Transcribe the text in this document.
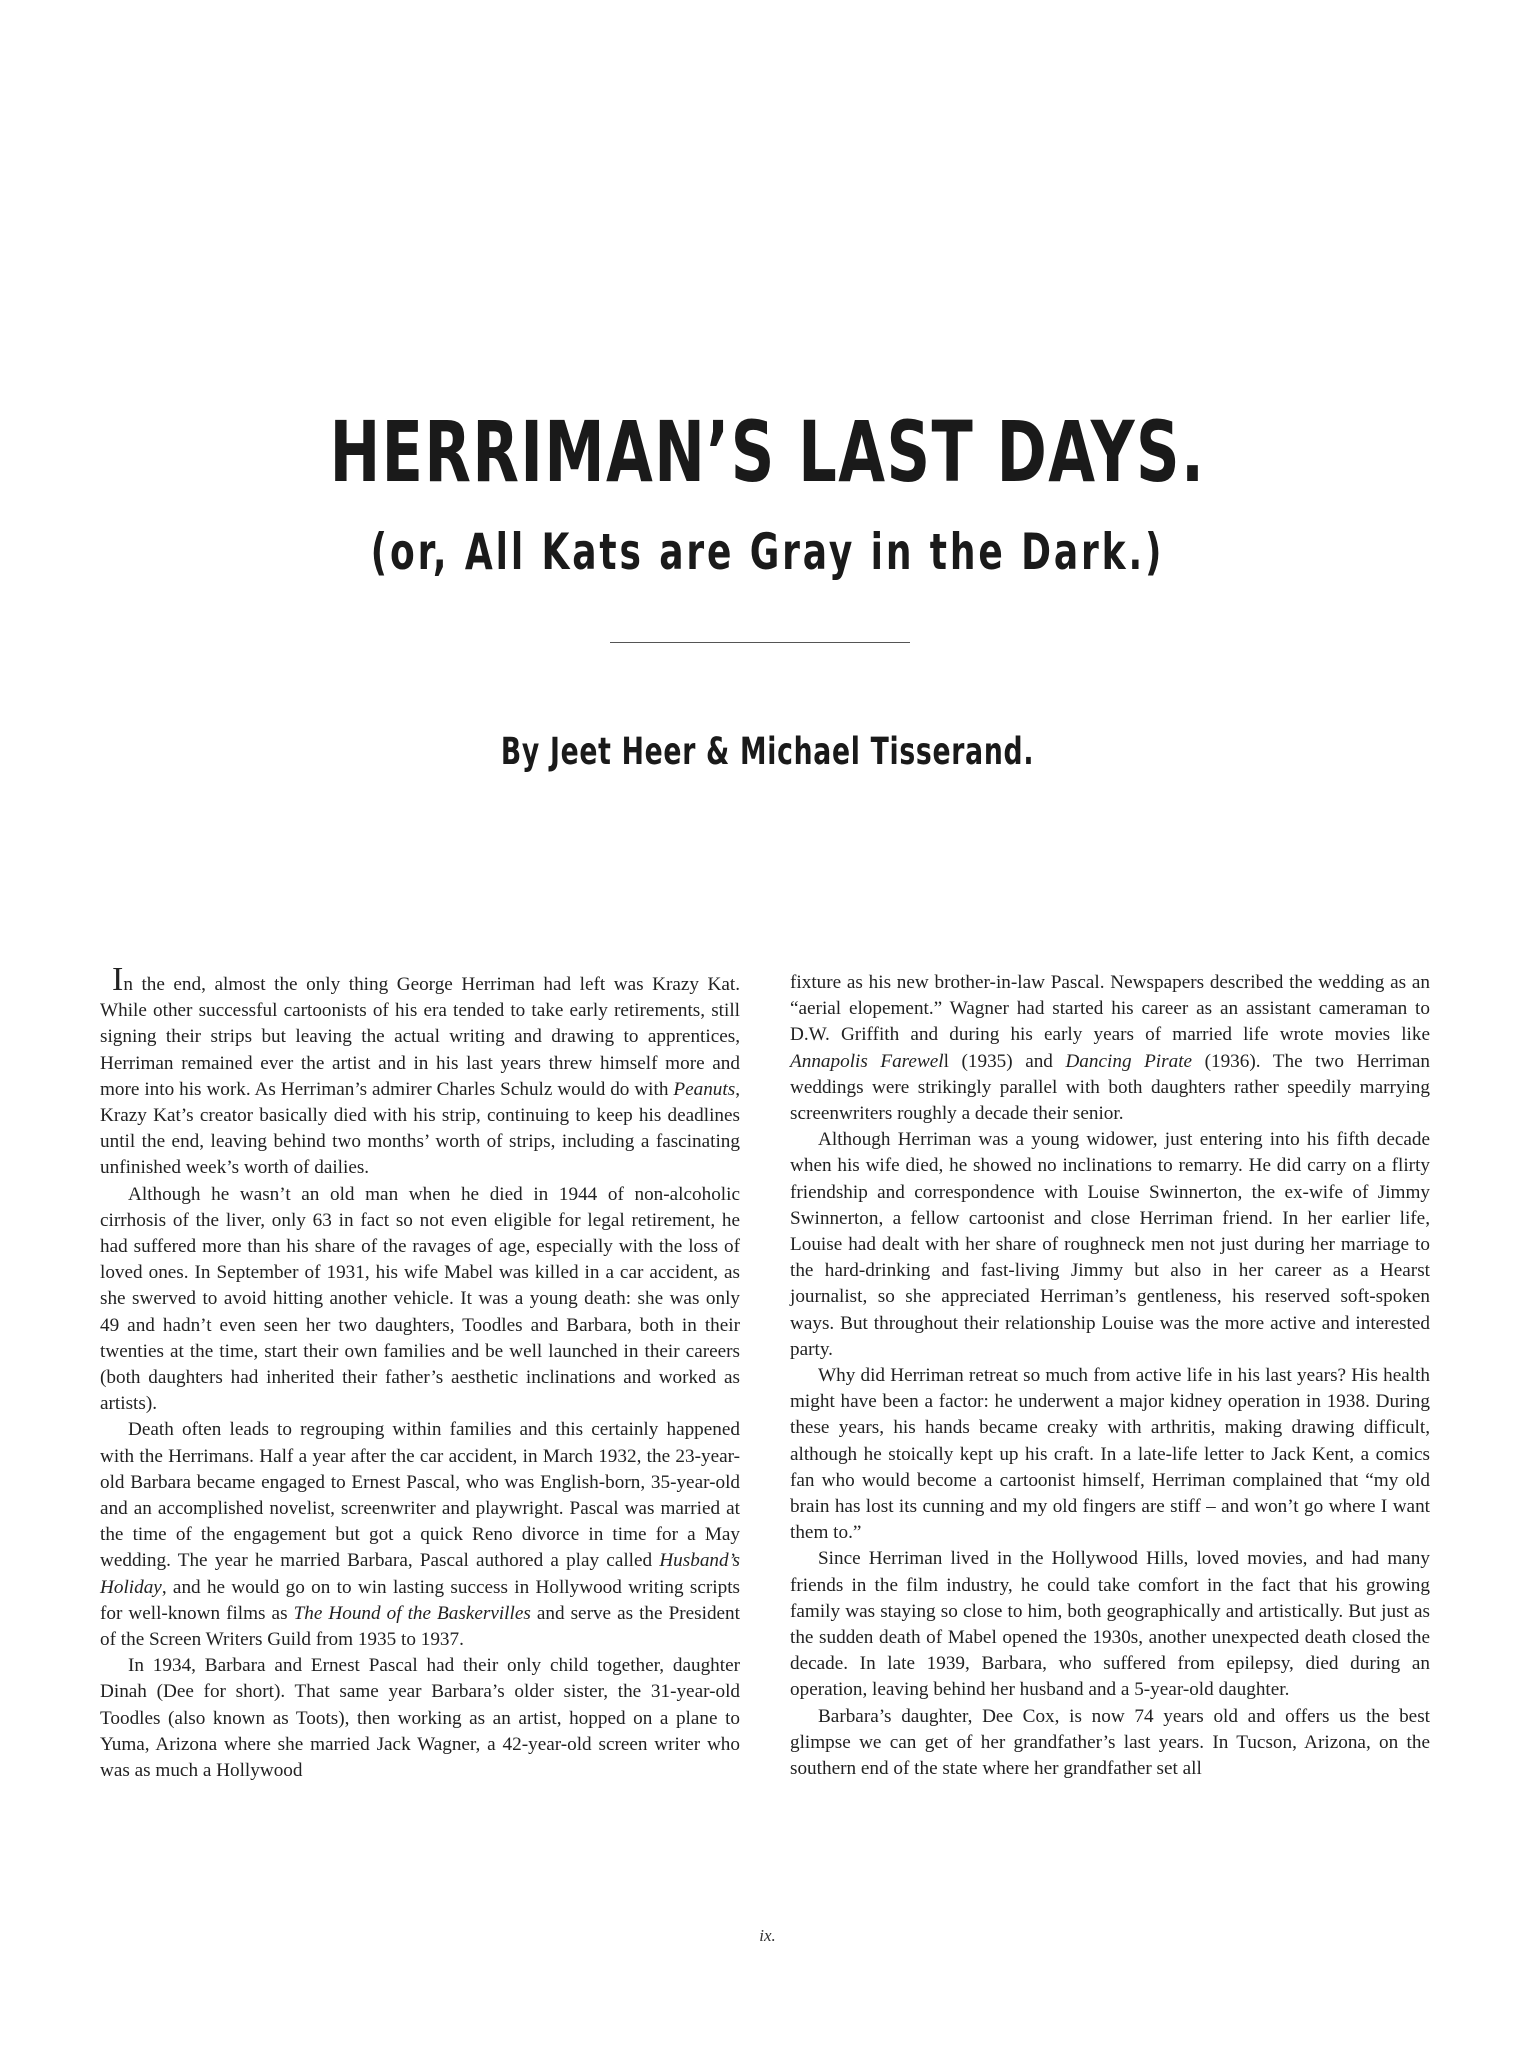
HERRIMAN’S LAST DAYS.
(or, All Kats are Gray in the Dark.)
By Jeet Heer & Michael Tisserand.

In the end, almost the only thing George Herriman had left was Krazy Kat. While other successful cartoonists of his era tended to take early retirements, still signing their strips but leaving the actual writing and drawing to apprentices, Herriman remained ever the artist and in his last years threw himself more and more into his work. As Herriman’s admirer Charles Schulz would do with Peanuts, Krazy Kat’s creator basically died with his strip, continuing to keep his deadlines until the end, leaving behind two months’ worth of strips, including a fascinating unfinished week’s worth of dailies.

Although he wasn’t an old man when he died in 1944 of non-alcoholic cirrhosis of the liver, only 63 in fact so not even eligible for legal retirement, he had suffered more than his share of the ravages of age, especially with the loss of loved ones. In September of 1931, his wife Mabel was killed in a car accident, as she swerved to avoid hitting another vehicle. It was a young death: she was only 49 and hadn’t even seen her two daughters, Toodles and Barbara, both in their twenties at the time, start their own families and be well launched in their careers (both daughters had inherited their father’s aesthetic inclinations and worked as artists).

Death often leads to regrouping within families and this certainly happened with the Herrimans. Half a year after the car accident, in March 1932, the 23-year-old Barbara became engaged to Ernest Pascal, who was English-born, 35-year-old and an accomplished novelist, screenwriter and playwright. Pascal was married at the time of the engagement but got a quick Reno divorce in time for a May wedding. The year he married Barbara, Pascal authored a play called Husband’s Holiday, and he would go on to win lasting success in Hollywood writing scripts for well-known films as The Hound of the Baskervilles and serve as the President of the Screen Writers Guild from 1935 to 1937.

In 1934, Barbara and Ernest Pascal had their only child together, daughter Dinah (Dee for short). That same year Barbara’s older sister, the 31-year-old Toodles (also known as Toots), then working as an artist, hopped on a plane to Yuma, Arizona where she married Jack Wagner, a 42-year-old screen writer who was as much a Hollywood

fixture as his new brother-in-law Pascal. Newspapers described the wedding as an “aerial elopement.” Wagner had started his career as an assistant cameraman to D.W. Griffith and during his early years of married life wrote movies like Annapolis Farewell (1935) and Dancing Pirate (1936). The two Herriman weddings were strikingly parallel with both daughters rather speedily marrying screenwriters roughly a decade their senior.

Although Herriman was a young widower, just entering into his fifth decade when his wife died, he showed no inclinations to remarry. He did carry on a flirty friendship and correspondence with Louise Swinnerton, the ex-wife of Jimmy Swinnerton, a fellow cartoonist and close Herriman friend. In her earlier life, Louise had dealt with her share of roughneck men not just during her marriage to the hard-drinking and fast-living Jimmy but also in her career as a Hearst journalist, so she appreciated Herriman’s gentleness, his reserved soft-spoken ways. But throughout their relationship Louise was the more active and interested party.

Why did Herriman retreat so much from active life in his last years? His health might have been a factor: he underwent a major kidney operation in 1938. During these years, his hands became creaky with arthritis, making drawing difficult, although he stoically kept up his craft. In a late-life letter to Jack Kent, a comics fan who would become a cartoonist himself, Herriman complained that “my old brain has lost its cunning and my old fingers are stiff – and won’t go where I want them to.”

Since Herriman lived in the Hollywood Hills, loved movies, and had many friends in the film industry, he could take comfort in the fact that his growing family was staying so close to him, both geographically and artistically. But just as the sudden death of Mabel opened the 1930s, another unexpected death closed the decade. In late 1939, Barbara, who suffered from epilepsy, died during an operation, leaving behind her husband and a 5-year-old daughter.

Barbara’s daughter, Dee Cox, is now 74 years old and offers us the best glimpse we can get of her grandfather’s last years. In Tucson, Arizona, on the southern end of the state where her grandfather set all

ix.
